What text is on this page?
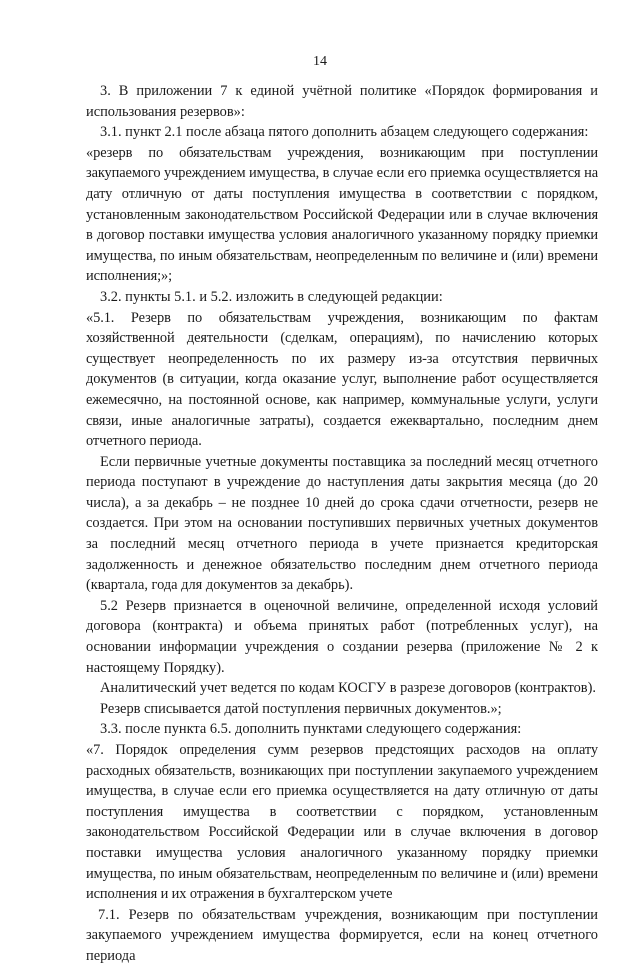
14

3. В приложении 7 к единой учётной политике «Порядок формирования и использования резервов»:

3.1. пункт 2.1 после абзаца пятого дополнить абзацем следующего содержания:

«резерв по обязательствам учреждения, возникающим при поступлении закупаемого учреждением имущества, в случае если его приемка осуществляется на дату отличную от даты поступления имущества в соответствии с порядком, установленным законодательством Российской Федерации или в случае включения в договор поставки имущества условия аналогичного указанному порядку приемки имущества, по иным обязательствам, неопределенным по величине и (или) времени исполнения;»;

3.2. пункты 5.1. и 5.2. изложить в следующей редакции:

«5.1. Резерв по обязательствам учреждения, возникающим по фактам хозяйственной деятельности (сделкам, операциям), по начислению которых существует неопределенность по их размеру из-за отсутствия первичных документов (в ситуации, когда оказание услуг, выполнение работ осуществляется ежемесячно, на постоянной основе, как например, коммунальные услуги, услуги связи, иные аналогичные затраты), создается ежеквартально, последним днем отчетного периода.

Если первичные учетные документы поставщика за последний месяц отчетного периода поступают в учреждение до наступления даты закрытия месяца (до 20 числа), а за декабрь – не позднее 10 дней до срока сдачи отчетности, резерв не создается. При этом на основании поступивших первичных учетных документов за последний месяц отчетного периода в учете признается кредиторская задолженность и денежное обязательство последним днем отчетного периода (квартала, года для документов за декабрь).

5.2 Резерв признается в оценочной величине, определенной исходя условий договора (контракта) и объема принятых работ (потребленных услуг), на основании информации учреждения о создании резерва (приложение № 2 к настоящему Порядку).

Аналитический учет ведется по кодам КОСГУ в разрезе договоров (контрактов).

Резерв списывается датой поступления первичных документов.»;

3.3. после пункта 6.5. дополнить пунктами следующего содержания:

«7. Порядок определения сумм резервов предстоящих расходов на оплату расходных обязательств, возникающих при поступлении закупаемого учреждением имущества, в случае если его приемка осуществляется на дату отличную от даты поступления имущества в соответствии с порядком, установленным законодательством Российской Федерации или в случае включения в договор поставки имущества условия аналогичного указанному порядку приемки имущества, по иным обязательствам, неопределенным по величине и (или) времени исполнения и их отражения в бухгалтерском учете

7.1. Резерв по обязательствам учреждения, возникающим при поступлении закупаемого учреждением имущества формируется, если на конец отчетного периода
